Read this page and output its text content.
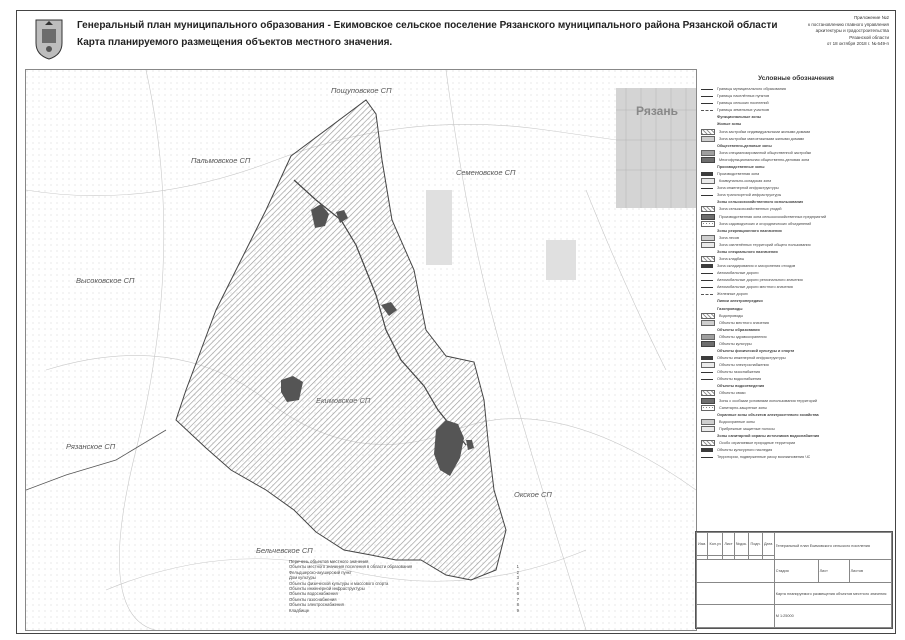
Генеральный план муниципального образования - Екимовское сельское поселение Рязанского муниципального района Рязанской области
Карта планируемого размещения объектов местного значения.
Приложение №2
к постановлению главного управления
архитектуры и градостроительства
Рязанской области
от 18 октября 2018 г. № 649-п
Пощуповское СП
Пальмовское СП
Семеновское СП
Высоковское СП
Рязанское СП
Окское СП
Бельчевское СП
Екимовское СП
Рязань
Условные обозначения
Границы муниципального образования
Границы населённых пунктов
Границы сельских поселений
Границы земельных участков
Функциональные зоны
Жилые зоны
Зона застройки индивидуальными жилыми домами
Зона застройки малоэтажными жилыми домами
Общественно-деловые зоны
Зона специализированной общественной застройки
Многофункциональная общественно-деловая зона
Производственные зоны
Производственная зона
Коммунально-складская зона
Зона инженерной инфраструктуры
Зона транспортной инфраструктуры
Зоны сельскохозяйственного использования
Зона сельскохозяйственных угодий
Производственная зона сельскохозяйственных предприятий
Зона садоводческих и огороднических объединений
Зоны рекреационного назначения
Зона лесов
Зона озеленённых территорий общего пользования
Зоны специального назначения
Зона кладбищ
Зона складирования и захоронения отходов
Автомобильные дороги
Автомобильные дороги регионального значения
Автомобильные дороги местного значения
Железные дороги
Линии электропередачи
Газопроводы
Водопроводы
Объекты местного значения
Объекты образования
Объекты здравоохранения
Объекты культуры
Объекты физической культуры и спорта
Объекты инженерной инфраструктуры
Объекты электроснабжения
Объекты газоснабжения
Объекты водоснабжения
Объекты водоотведения
Объекты связи
Зоны с особыми условиями использования территорий
Санитарно-защитные зоны
Охранные зоны объектов электросетевого хозяйства
Водоохранные зоны
Прибрежные защитные полосы
Зоны санитарной охраны источников водоснабжения
Особо охраняемые природные территории
Объекты культурного наследия
Территории, подверженные риску возникновения ЧС
Перечень объектов местного значения
Объекты местного значения поселения в области образования	1
Фельдшерско-акушерский пункт	2
Дом культуры	3
Объекты физической культуры и массового спорта	4
Объекты инженерной инфраструктуры	5
Объекты водоснабжения	6
Объекты газоснабжения	7
Объекты электроснабжения	8
Кладбище	9
Изм.	Кол.уч	Лист	№док.	Подп.	Дата	Генеральный план Екимовского сельского поселения		

						Стадия	Лист	Листов
						Карта планируемого размещения объектов местного значения		
						М 1:25000		
